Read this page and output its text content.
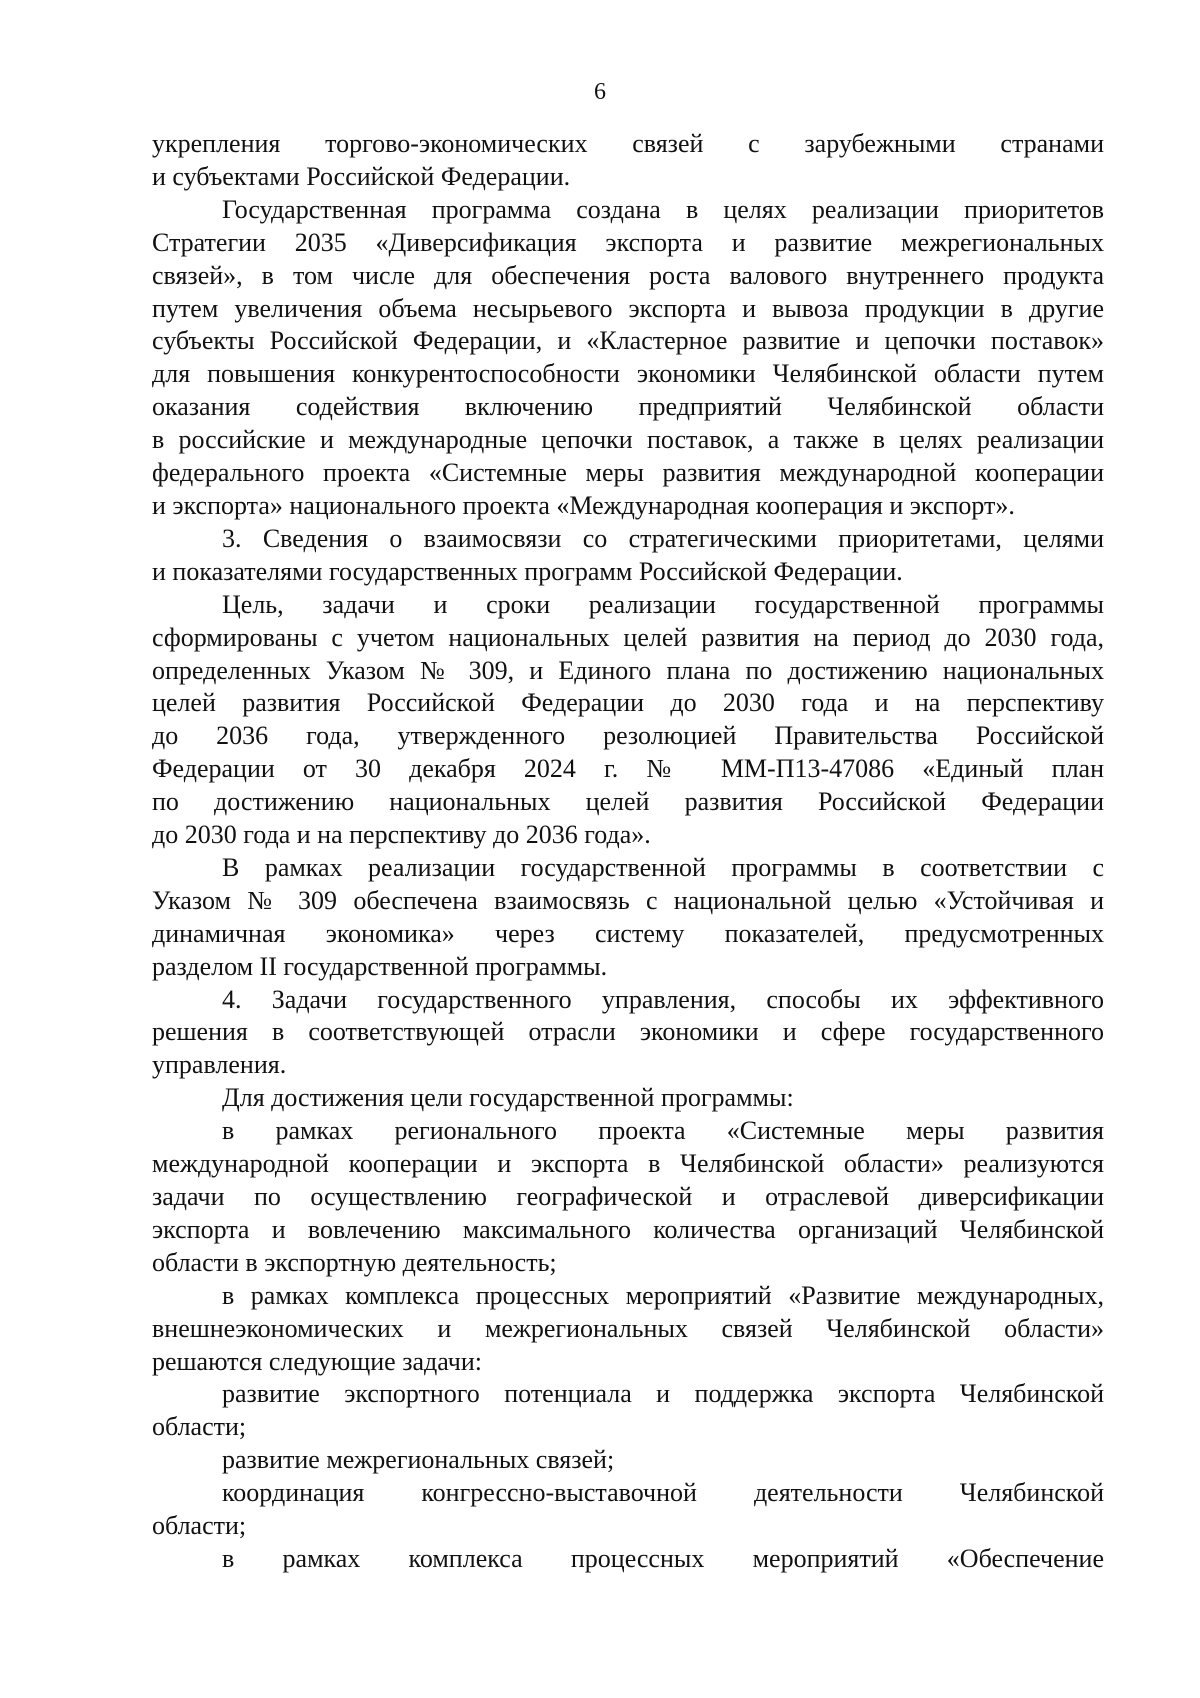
6
укрепления торгово-экономических связей с зарубежными странами
и субъектами Российской Федерации.
Государственная программа создана в целях реализации приоритетов
Стратегии 2035 «Диверсификация экспорта и развитие межрегиональных
связей», в том числе для обеспечения роста валового внутреннего продукта
путем увеличения объема несырьевого экспорта и вывоза продукции в другие
субъекты Российской Федерации, и «Кластерное развитие и цепочки поставок»
для повышения конкурентоспособности экономики Челябинской области путем
оказания содействия включению предприятий Челябинской области
в российские и международные цепочки поставок, а также в целях реализации
федерального проекта «Системные меры развития международной кооперации
и экспорта» национального проекта «Международная кооперация и экспорт».
3. Сведения о взаимосвязи со стратегическими приоритетами, целями
и показателями государственных программ Российской Федерации.
Цель, задачи и сроки реализации государственной программы
сформированы с учетом национальных целей развития на период до 2030 года,
определенных Указом № 309, и Единого плана по достижению национальных
целей развития Российской Федерации до 2030 года и на перспективу
до 2036 года, утвержденного резолюцией Правительства Российской
Федерации от 30 декабря 2024 г. № ММ-П13-47086 «Единый план
по достижению национальных целей развития Российской Федерации
до 2030 года и на перспективу до 2036 года».
В рамках реализации государственной программы в соответствии с
Указом № 309 обеспечена взаимосвязь с национальной целью «Устойчивая и
динамичная экономика» через систему показателей, предусмотренных
разделом II государственной программы.
4. Задачи государственного управления, способы их эффективного
решения в соответствующей отрасли экономики и сфере государственного
управления.
Для достижения цели государственной программы:
в рамках регионального проекта «Системные меры развития
международной кооперации и экспорта в Челябинской области» реализуются
задачи по осуществлению географической и отраслевой диверсификации
экспорта и вовлечению максимального количества организаций Челябинской
области в экспортную деятельность;
в рамках комплекса процессных мероприятий «Развитие международных,
внешнеэкономических и межрегиональных связей Челябинской области»
решаются следующие задачи:
развитие экспортного потенциала и поддержка экспорта Челябинской
области;
развитие межрегиональных связей;
координация конгрессно-выставочной деятельности Челябинской
области;
в рамках комплекса процессных мероприятий «Обеспечение
